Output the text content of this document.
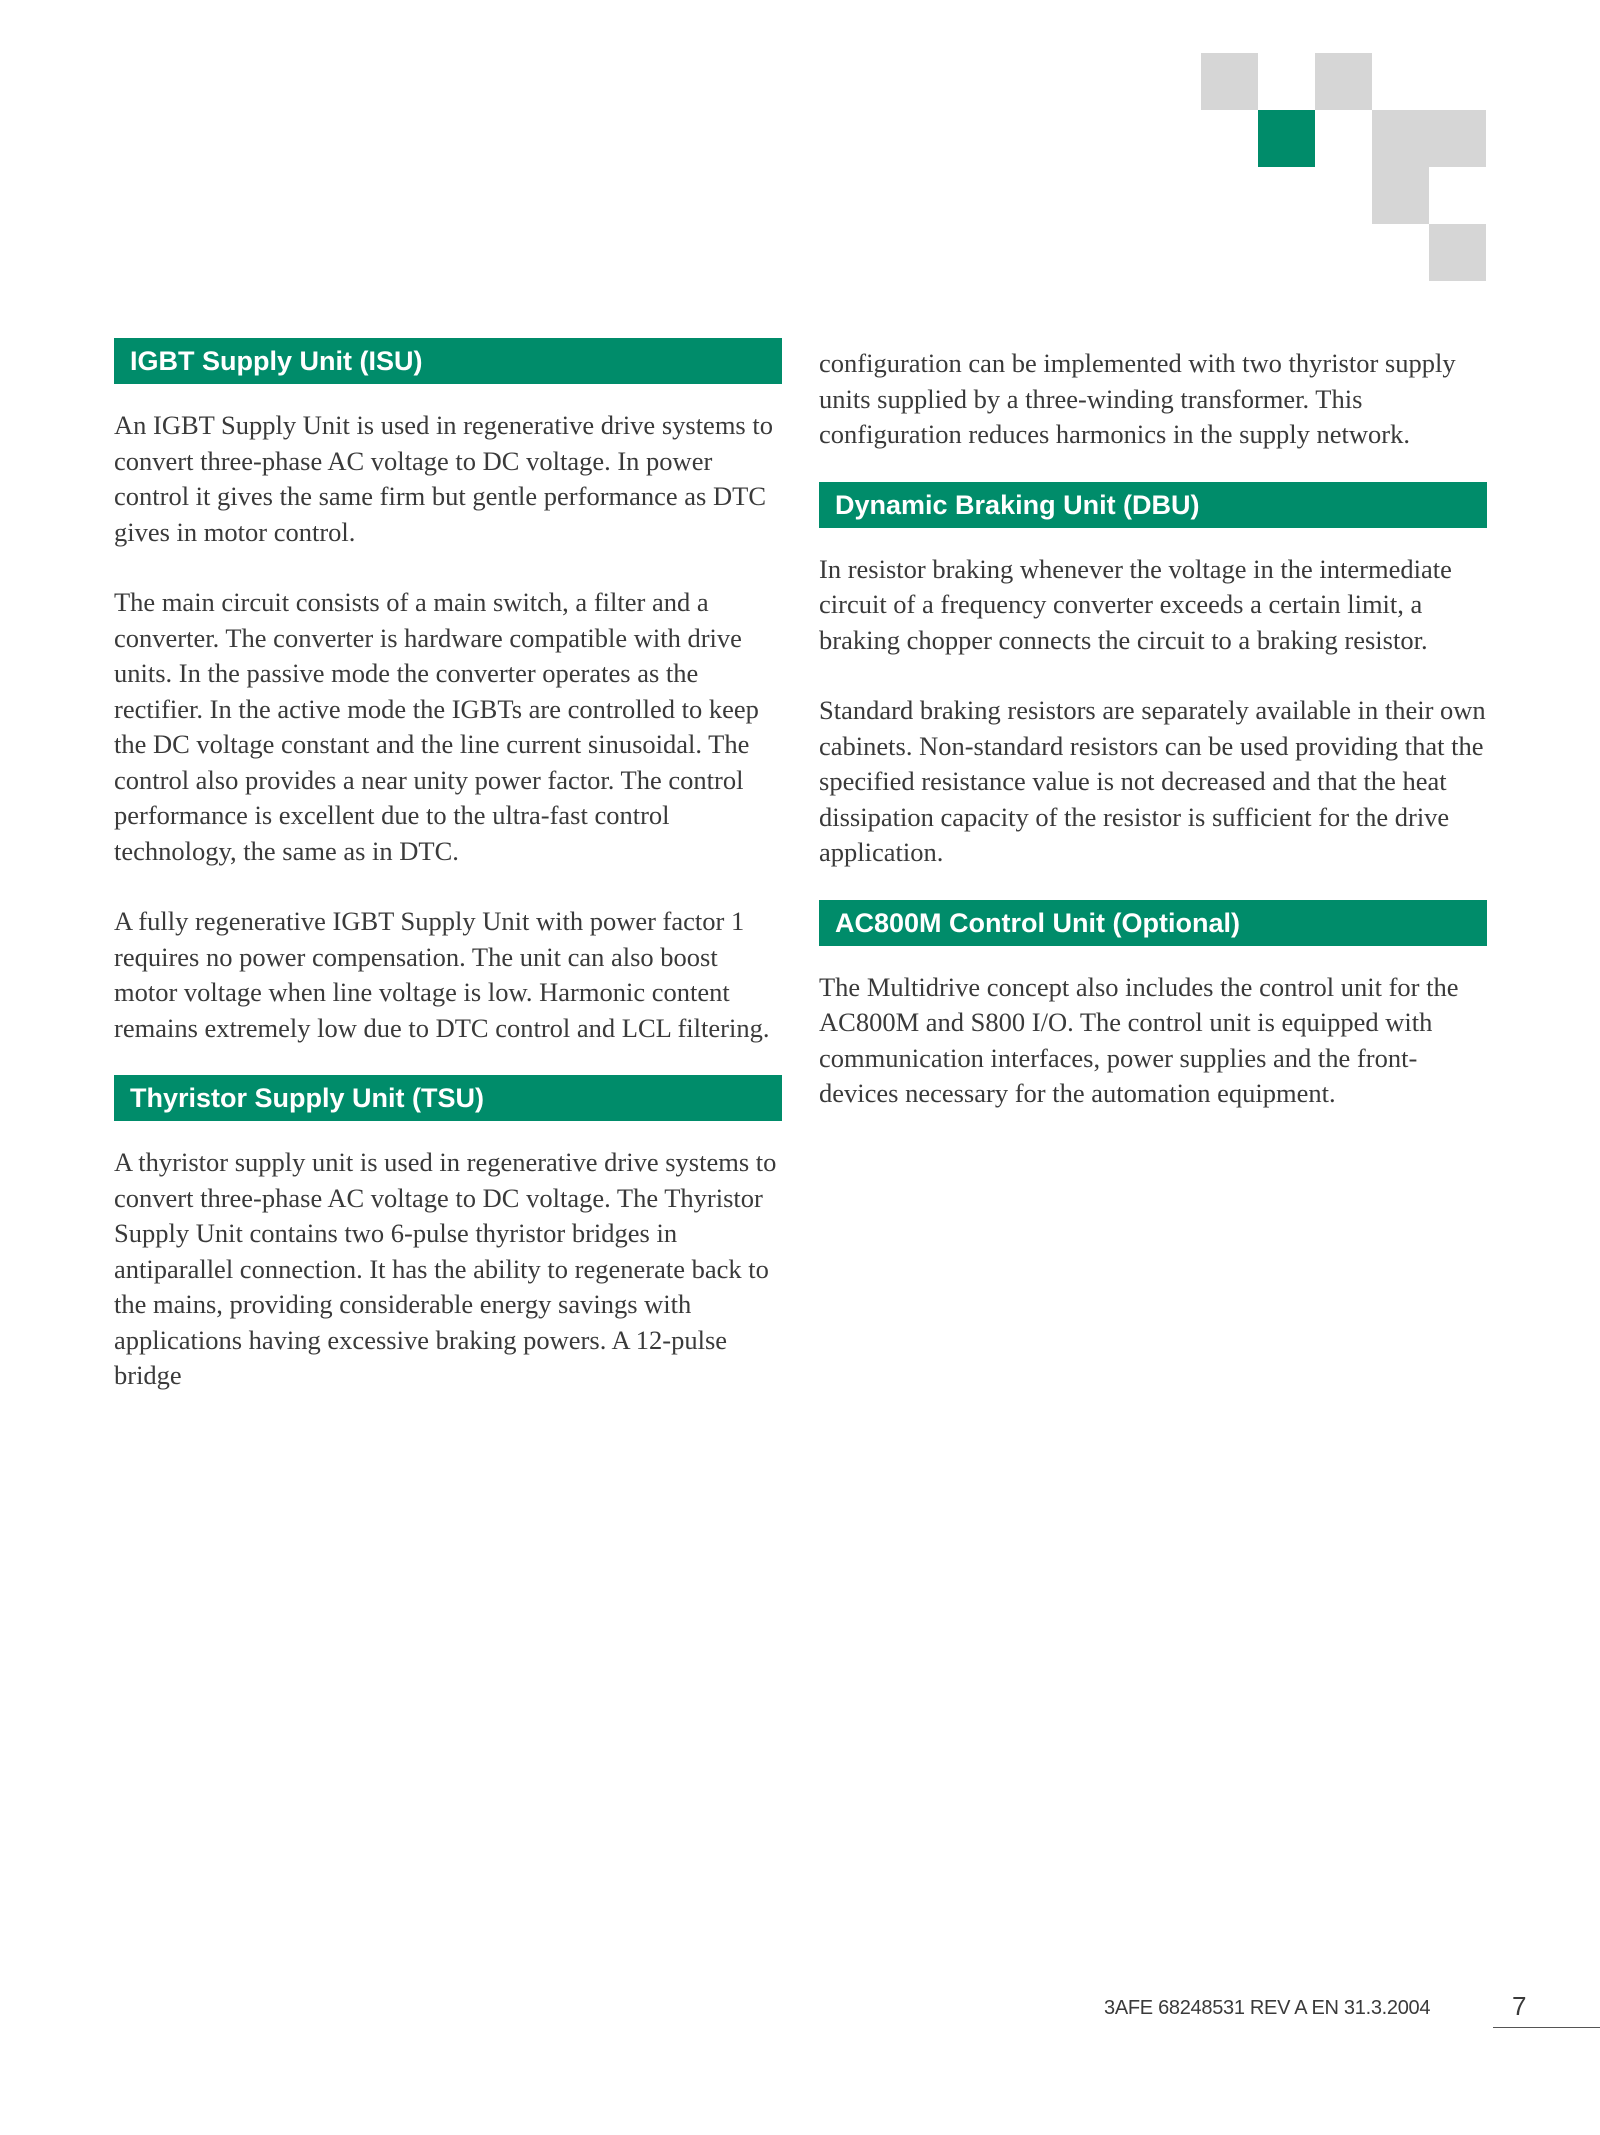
IGBT Supply Unit (ISU)

An IGBT Supply Unit is used in regenerative drive systems to convert three-phase AC voltage to DC voltage. In power control it gives the same firm but gentle performance as DTC gives in motor control.

The main circuit consists of a main switch, a filter and a converter. The converter is hardware compatible with drive units. In the passive mode the converter operates as the rectifier. In the active mode the IGBTs are controlled to keep the DC voltage constant and the line current sinusoidal. The control also provides a near unity power factor. The control performance is excellent due to the ultra-fast control technology, the same as in DTC.

A fully regenerative IGBT Supply Unit with power factor 1 requires no power compensation. The unit can also boost motor voltage when line voltage is low. Harmonic content remains extremely low due to DTC control and LCL filtering.

Thyristor Supply Unit (TSU)

A thyristor supply unit is used in regenerative drive systems to convert three-phase AC voltage to DC voltage. The Thyristor Supply Unit contains two 6-pulse thyristor bridges in antiparallel connection. It has the ability to regenerate back to the mains, providing considerable energy savings with applications having excessive braking powers. A 12-pulse bridge

configuration can be implemented with two thyristor supply units supplied by a three-winding transformer. This configuration reduces harmonics in the supply network.

Dynamic Braking Unit (DBU)

In resistor braking whenever the voltage in the intermediate circuit of a frequency converter exceeds a certain limit, a braking chopper connects the circuit to a braking resistor.

Standard braking resistors are separately available in their own cabinets. Non-standard resistors can be used providing that the specified resistance value is not decreased and that the heat dissipation capacity of the resistor is sufficient for the drive application.

AC800M Control Unit (Optional)

The Multidrive concept also includes the control unit for the AC800M and S800 I/O. The control unit is equipped with communication interfaces, power supplies and the front-devices necessary for the automation equipment.

3AFE 68248531 REV A EN 31.3.2004	7
